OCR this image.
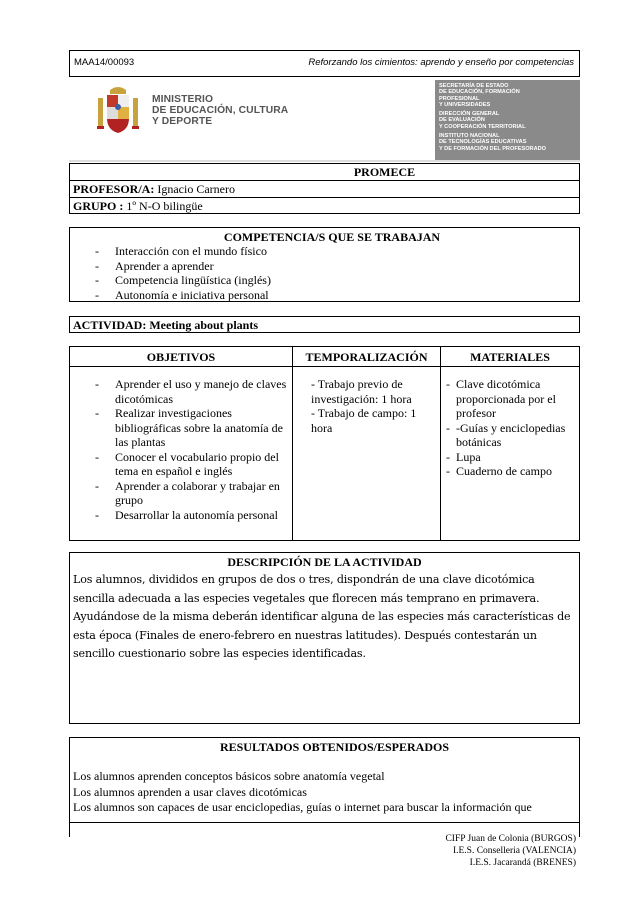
MAA14/00093	Reforzando los cimientos: aprendo y enseño por competencias
MINISTERIO
DE EDUCACIÓN, CULTURA
Y DEPORTE
SECRETARÍA DE ESTADO
DE EDUCACIÓN, FORMACIÓN
PROFESIONAL
Y UNIVERSIDADES
DIRECCIÓN GENERAL
DE EVALUACIÓN
Y COOPERACIÓN TERRITORIAL
INSTITUTO NACIONAL
DE TECNOLOGÍAS EDUCATIVAS
Y DE FORMACIÓN DEL PROFESORADO
PROMECE
PROFESOR/A: Ignacio Carnero
GRUPO : 1º N-O bilingüe
COMPETENCIA/S QUE SE TRABAJAN
- Interacción con el mundo físico
- Aprender a aprender
- Competencia lingüística (inglés)
- Autonomía e iniciativa personal
ACTIVIDAD: Meeting about plants
OBJETIVOS
- Aprender el uso y manejo de claves dicotómicas
- Realizar investigaciones bibliográficas sobre la anatomía de las plantas
- Conocer el vocabulario propio del tema en español e inglés
- Aprender a colaborar y trabajar en grupo
- Desarrollar la autonomía personal
TEMPORALIZACIÓN
- Trabajo previo de investigación: 1 hora
- Trabajo de campo: 1 hora
MATERIALES
- Clave dicotómica proporcionada por el profesor
- -Guías y enciclopedias botánicas
- Lupa
- Cuaderno de campo
DESCRIPCIÓN DE LA ACTIVIDAD
Los alumnos, divididos en grupos de dos o tres, dispondrán de una clave dicotómica sencilla adecuada a las especies vegetales que florecen más temprano en primavera. Ayudándose de la misma deberán identificar alguna de las especies más características de esta época (Finales de enero-febrero en nuestras latitudes). Después contestarán un sencillo cuestionario sobre las especies identificadas.
RESULTADOS OBTENIDOS/ESPERADOS
Los alumnos aprenden conceptos básicos sobre anatomía vegetal
Los alumnos aprenden a usar claves dicotómicas
Los alumnos son capaces de usar enciclopedias, guías o internet para buscar la información que
CIFP Juan de Colonia (BURGOS)
I.E.S. Conselleria (VALENCIA)
I.E.S. Jacarandá (BRENES)
